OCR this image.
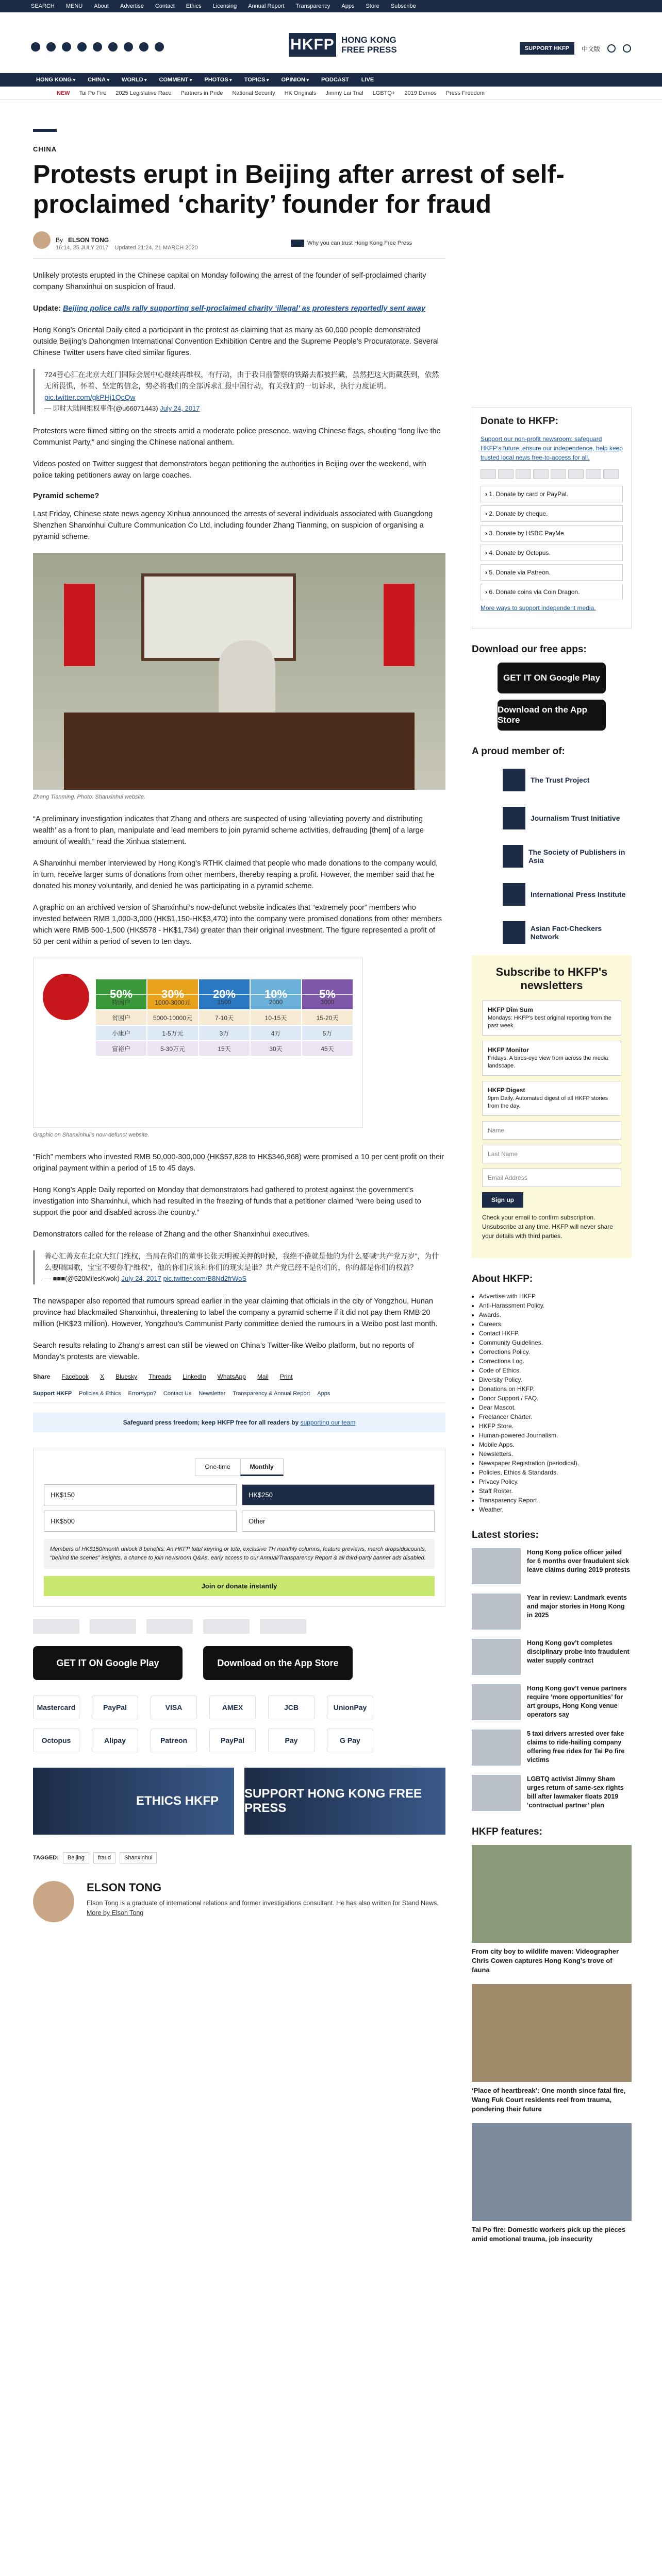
SEARCH MENU About Advertise Contact Ethics Licensing Annual Report Transparency Apps Store Subscribe
HKFP HONG KONG
FREE PRESS	SUPPORT HKFP	中文版
HONG KONG ▾	CHINA ▾	WORLD ▾	COMMENT ▾	PHOTOS ▾	TOPICS ▾	OPINION ▾	PODCAST LIVE
NEW Tai Po Fire 2025 Legislative Race Partners in Pride National Security HK Originals Jimmy Lai Trial LGBTQ+ 2019 Demos Press Freedom
CHINA
Protests erupt in Beijing after arrest of self-proclaimed ‘charity’ founder for fraud
By ELSON TONG
16:14, 25 JULY 2017 Updated 21:24, 21 MARCH 2020
Why you can trust Hong Kong Free Press

Unlikely protests erupted in the Chinese capital on Monday following the arrest of the founder of self-proclaimed charity company Shanxinhui on suspicion of fraud.

Update: Beijing police calls rally supporting self-proclaimed charity ‘illegal’ as protesters reportedly sent away

Hong Kong’s Oriental Daily cited a participant in the protest as claiming that as many as 60,000 people demonstrated outside Beijing’s Dahongmen International Convention Exhibition Centre and the Supreme People’s Procuratorate. Several Chinese Twitter users have cited similar figures.

724善心汇在北京大红门国际会展中心继续再维权，有行动，由于我目前警察的铁路去都被拦截，虽然把这大街截获到，依然无所畏惧，怀着、坚定的信念，势必将我们的全部诉求汇报中国行动，有关我们的一切诉求，执行力度证明。
pic.twitter.com/gkPHj1QcQw
— 即时大陆网维权事件(@u66071443) July 24, 2017

Protesters were filmed sitting on the streets amid a moderate police presence, waving Chinese flags, shouting “long live the Communist Party,” and singing the Chinese national anthem.

Videos posted on Twitter suggest that demonstrators began petitioning the authorities in Beijing over the weekend, with police taking petitioners away on large coaches.

Pyramid scheme?

Last Friday, Chinese state news agency Xinhua announced the arrests of several individuals associated with Guangdong Shenzhen Shanxinhui Culture Communication Co Ltd, including founder Zhang Tianming, on suspicion of organising a pyramid scheme.

Zhang Tianming. Photo: Shanxinhui website.

“A preliminary investigation indicates that Zhang and others are suspected of using ‘alleviating poverty and distributing wealth’ as a front to plan, manipulate and lead members to join pyramid scheme activities, defrauding [them] of a large amount of wealth,” read the Xinhua statement.

A Shanxinhui member interviewed by Hong Kong’s RTHK claimed that people who made donations to the company would, in turn, receive larger sums of donations from other members, thereby reaping a profit. However, the member said that he donated his money voluntarily, and denied he was participating in a pyramid scheme.

A graphic on an archived version of Shanxinhui’s now-defunct website indicates that “extremely poor” members who invested between RMB 1,000-3,000 (HK$1,150-HK$3,470) into the company were promised donations from other members which were RMB 500-1,500 (HK$578 - HK$1,734) greater than their original investment. The figure represented a profit of 50 per cent within a period of seven to ten days.

50%	30%	20%	10%	5%
特困户	1000-3000元	1500	2000	3000
贫困户	5000-10000元	7-10天	10-15天	15-20天
小康户	1-5万元	3万	4万	5万
富裕户	5-30万元	15天	30天	45天
Graphic on Shanxinhui’s now-defunct website.

“Rich” members who invested RMB 50,000-300,000 (HK$57,828 to HK$346,968) were promised a 10 per cent profit on their original payment within a period of 15 to 45 days.

Hong Kong’s Apple Daily reported on Monday that demonstrators had gathered to protest against the government’s investigation into Shanxinhui, which had resulted in the freezing of funds that a petitioner claimed “were being used to support the poor and disabled across the country.”

Demonstrators called for the release of Zhang and the other Shanxinhui executives.

善心汇善友在北京大红门维权，当局在你们的董事长张天明被关押的时候，我绝不倦就是他的为什么要喊“共产党万岁”，为什么要唱国歌，宝宝不要你们“维权”，他的你们应该和你们的现实是谁？共产党已经不是你们的，你的都是你们的权益？
— ■■■(@520MilesKwok) July 24, 2017 pic.twitter.com/B8Nd2frWoS

The newspaper also reported that rumours spread earlier in the year claiming that officials in the city of Yongzhou, Hunan province had blackmailed Shanxinhui, threatening to label the company a pyramid scheme if it did not pay them RMB 20 million (HK$23 million). However, Yongzhou’s Communist Party committee denied the rumours in a Weibo post last month.

Search results relating to Zhang’s arrest can still be viewed on China’s Twitter-like Weibo platform, but no reports of Monday’s protests are viewable.

Share Facebook X Bluesky Threads LinkedIn WhatsApp Mail Print
Support HKFP Policies & Ethics Error/typo? Contact Us Newsletter Transparency & Annual Report Apps
Safeguard press freedom; keep HKFP free for all readers by supporting our team
One-time	Monthly
HK$150	HK$250
HK$500	Other
Members of HK$150/month unlock 8 benefits: An HKFP tote/ keyring or tote, exclusive TH monthly columns, feature previews, merch drops/discounts, “behind the scenes” insights, a chance to join newsroom Q&As, early access to our Annual/Transparency Report & all third-party banner ads disabled.
Join or donate instantly
GET IT ON Google Play	Download on the App Store
Mastercard	PayPal	VISA	AMEX	JCB	UnionPay
Octopus	Alipay	Patreon	PayPal	Pay	G Pay
ETHICS HKFP
SUPPORT HONG KONG FREE PRESS
TAGGED:	Beijing	fraud	Shanxinhui
ELSON TONG
Elson Tong is a graduate of international relations and former investigations consultant. He has also written for Stand News.
More by Elson Tong
Donate to HKFP:
Support our non-profit newsroom: safeguard HKFP’s future, ensure our independence, help keep trusted local news free-to-access for all.
› 1. Donate by card or PayPal.
› 2. Donate by cheque.
› 3. Donate by HSBC PayMe.
› 4. Donate by Octopus.
› 5. Donate via Patreon.
› 6. Donate coins via Coin Dragon.
More ways to support independent media.
Download our free apps:
GET IT ON Google Play
Download on the App Store
A proud member of:
The Trust Project
Journalism Trust Initiative
The Society of Publishers in Asia
International Press Institute
Asian Fact-Checkers Network
Subscribe to HKFP's newsletters
HKFP Dim Sum
Mondays: HKFP's best original reporting from the past week.
HKFP Monitor
Fridays: A birds-eye view from across the media landscape.
HKFP Digest
9pm Daily. Automated digest of all HKFP stories from the day.
Name
Last Name
Email Address
Sign up
Check your email to confirm subscription. Unsubscribe at any time. HKFP will never share your details with third parties.
About HKFP:
• Advertise with HKFP.
• Anti-Harassment Policy.
• Awards.
• Careers.
• Contact HKFP.
• Community Guidelines.
• Corrections Policy.
• Corrections Log.
• Code of Ethics.
• Diversity Policy.
• Donations on HKFP.
• Donor Support / FAQ.
• Dear Mascot.
• Freelancer Charter.
• HKFP Store.
• Human-powered Journalism.
• Mobile Apps.
• Newsletters.
• Newspaper Registration (periodical).
• Policies, Ethics & Standards.
• Privacy Policy.
• Staff Roster.
• Transparency Report.
• Weather.
Latest stories:
Hong Kong police officer jailed for 6 months over fraudulent sick leave claims during 2019 protests
Year in review: Landmark events and major stories in Hong Kong in 2025
Hong Kong gov’t completes disciplinary probe into fraudulent water supply contract
Hong Kong gov’t venue partners require ‘more opportunities’ for art groups, Hong Kong venue operators say
5 taxi drivers arrested over fake claims to ride-hailing company offering free rides for Tai Po fire victims
LGBTQ activist Jimmy Sham urges return of same-sex rights bill after lawmaker floats 2019 ‘contractual partner’ plan
HKFP features:
From city boy to wildlife maven: Videographer Chris Cowen captures Hong Kong’s trove of fauna
‘Place of heartbreak’: One month since fatal fire, Wang Fuk Court residents reel from trauma, pondering their future
Tai Po fire: Domestic workers pick up the pieces amid emotional trauma, job insecurity
